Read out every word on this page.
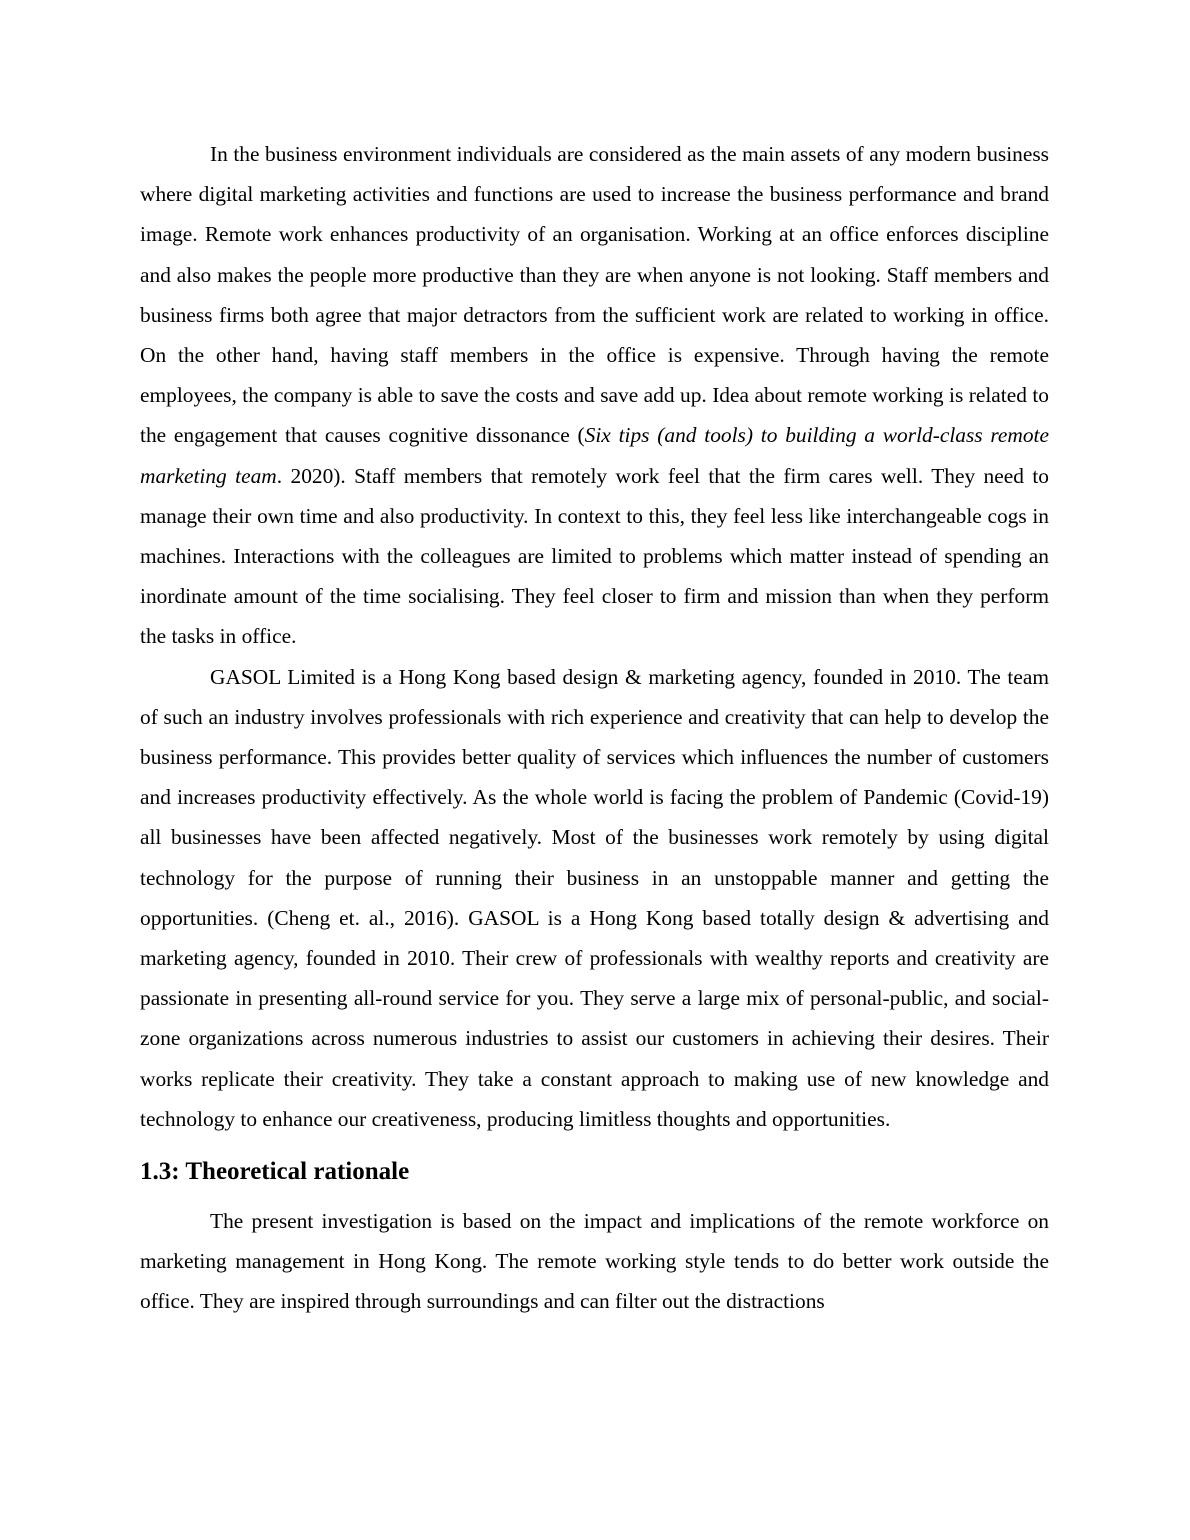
In the business environment individuals are considered as the main assets of any modern business where digital marketing activities and functions are used to increase the business performance and brand image. Remote work enhances productivity of an organisation. Working at an office enforces discipline and also makes the people more productive than they are when anyone is not looking. Staff members and business firms both agree that major detractors from the sufficient work are related to working in office. On the other hand, having staff members in the office is expensive. Through having the remote employees, the company is able to save the costs and save add up. Idea about remote working is related to the engagement that causes cognitive dissonance (Six tips (and tools) to building a world-class remote marketing team. 2020). Staff members that remotely work feel that the firm cares well. They need to manage their own time and also productivity. In context to this, they feel less like interchangeable cogs in machines. Interactions with the colleagues are limited to problems which matter instead of spending an inordinate amount of the time socialising. They feel closer to firm and mission than when they perform the tasks in office.

GASOL Limited is a Hong Kong based design & marketing agency, founded in 2010. The team of such an industry involves professionals with rich experience and creativity that can help to develop the business performance. This provides better quality of services which influences the number of customers and increases productivity effectively. As the whole world is facing the problem of Pandemic (Covid-19) all businesses have been affected negatively. Most of the businesses work remotely by using digital technology for the purpose of running their business in an unstoppable manner and getting the opportunities. (Cheng et. al., 2016). GASOL is a Hong Kong based totally design & advertising and marketing agency, founded in 2010. Their crew of professionals with wealthy reports and creativity are passionate in presenting all-round service for you. They serve a large mix of personal-public, and social-zone organizations across numerous industries to assist our customers in achieving their desires. Their works replicate their creativity. They take a constant approach to making use of new knowledge and technology to enhance our creativeness, producing limitless thoughts and opportunities.

1.3: Theoretical rationale

The present investigation is based on the impact and implications of the remote workforce on marketing management in Hong Kong. The remote working style tends to do better work outside the office. They are inspired through surroundings and can filter out the distractions
